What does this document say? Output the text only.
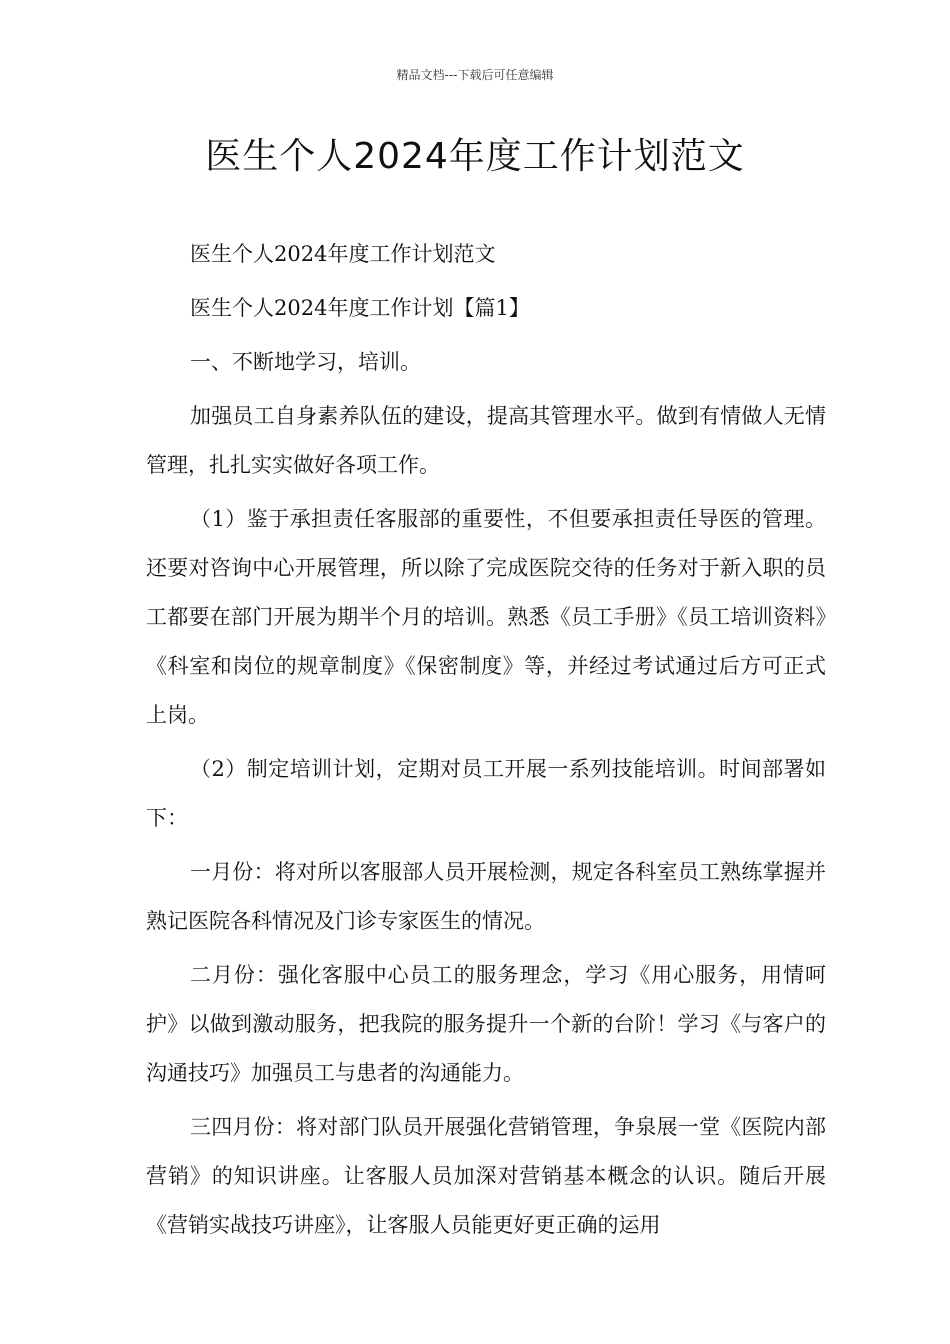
精品文档---下载后可任意编辑
医生个人2024年度工作计划范文

医生个人2024年度工作计划范文

医生个人2024年度工作计划【篇1】

一、不断地学习，培训。

加强员工自身素养队伍的建设，提高其管理水平。做到有情做人无情管理，扎扎实实做好各项工作。

（1）鉴于承担责任客服部的重要性，不但要承担责任导医的管理。还要对咨询中心开展管理，所以除了完成医院交待的任务对于新入职的员工都要在部门开展为期半个月的培训。熟悉《员工手册》《员工培训资料》《科室和岗位的规章制度》《保密制度》等，并经过考试通过后方可正式上岗。

（2）制定培训计划，定期对员工开展一系列技能培训。时间部署如下：

一月份：将对所以客服部人员开展检测，规定各科室员工熟练掌握并熟记医院各科情况及门诊专家医生的情况。

二月份：强化客服中心员工的服务理念，学习《用心服务，用情呵护》以做到激动服务，把我院的服务提升一个新的台阶！学习《与客户的沟通技巧》加强员工与患者的沟通能力。

三四月份：将对部门队员开展强化营销管理，争泉展一堂《医院内部营销》的知识讲座。让客服人员加深对营销基本概念的认识。随后开展《营销实战技巧讲座》，让客服人员能更好更正确的运用
